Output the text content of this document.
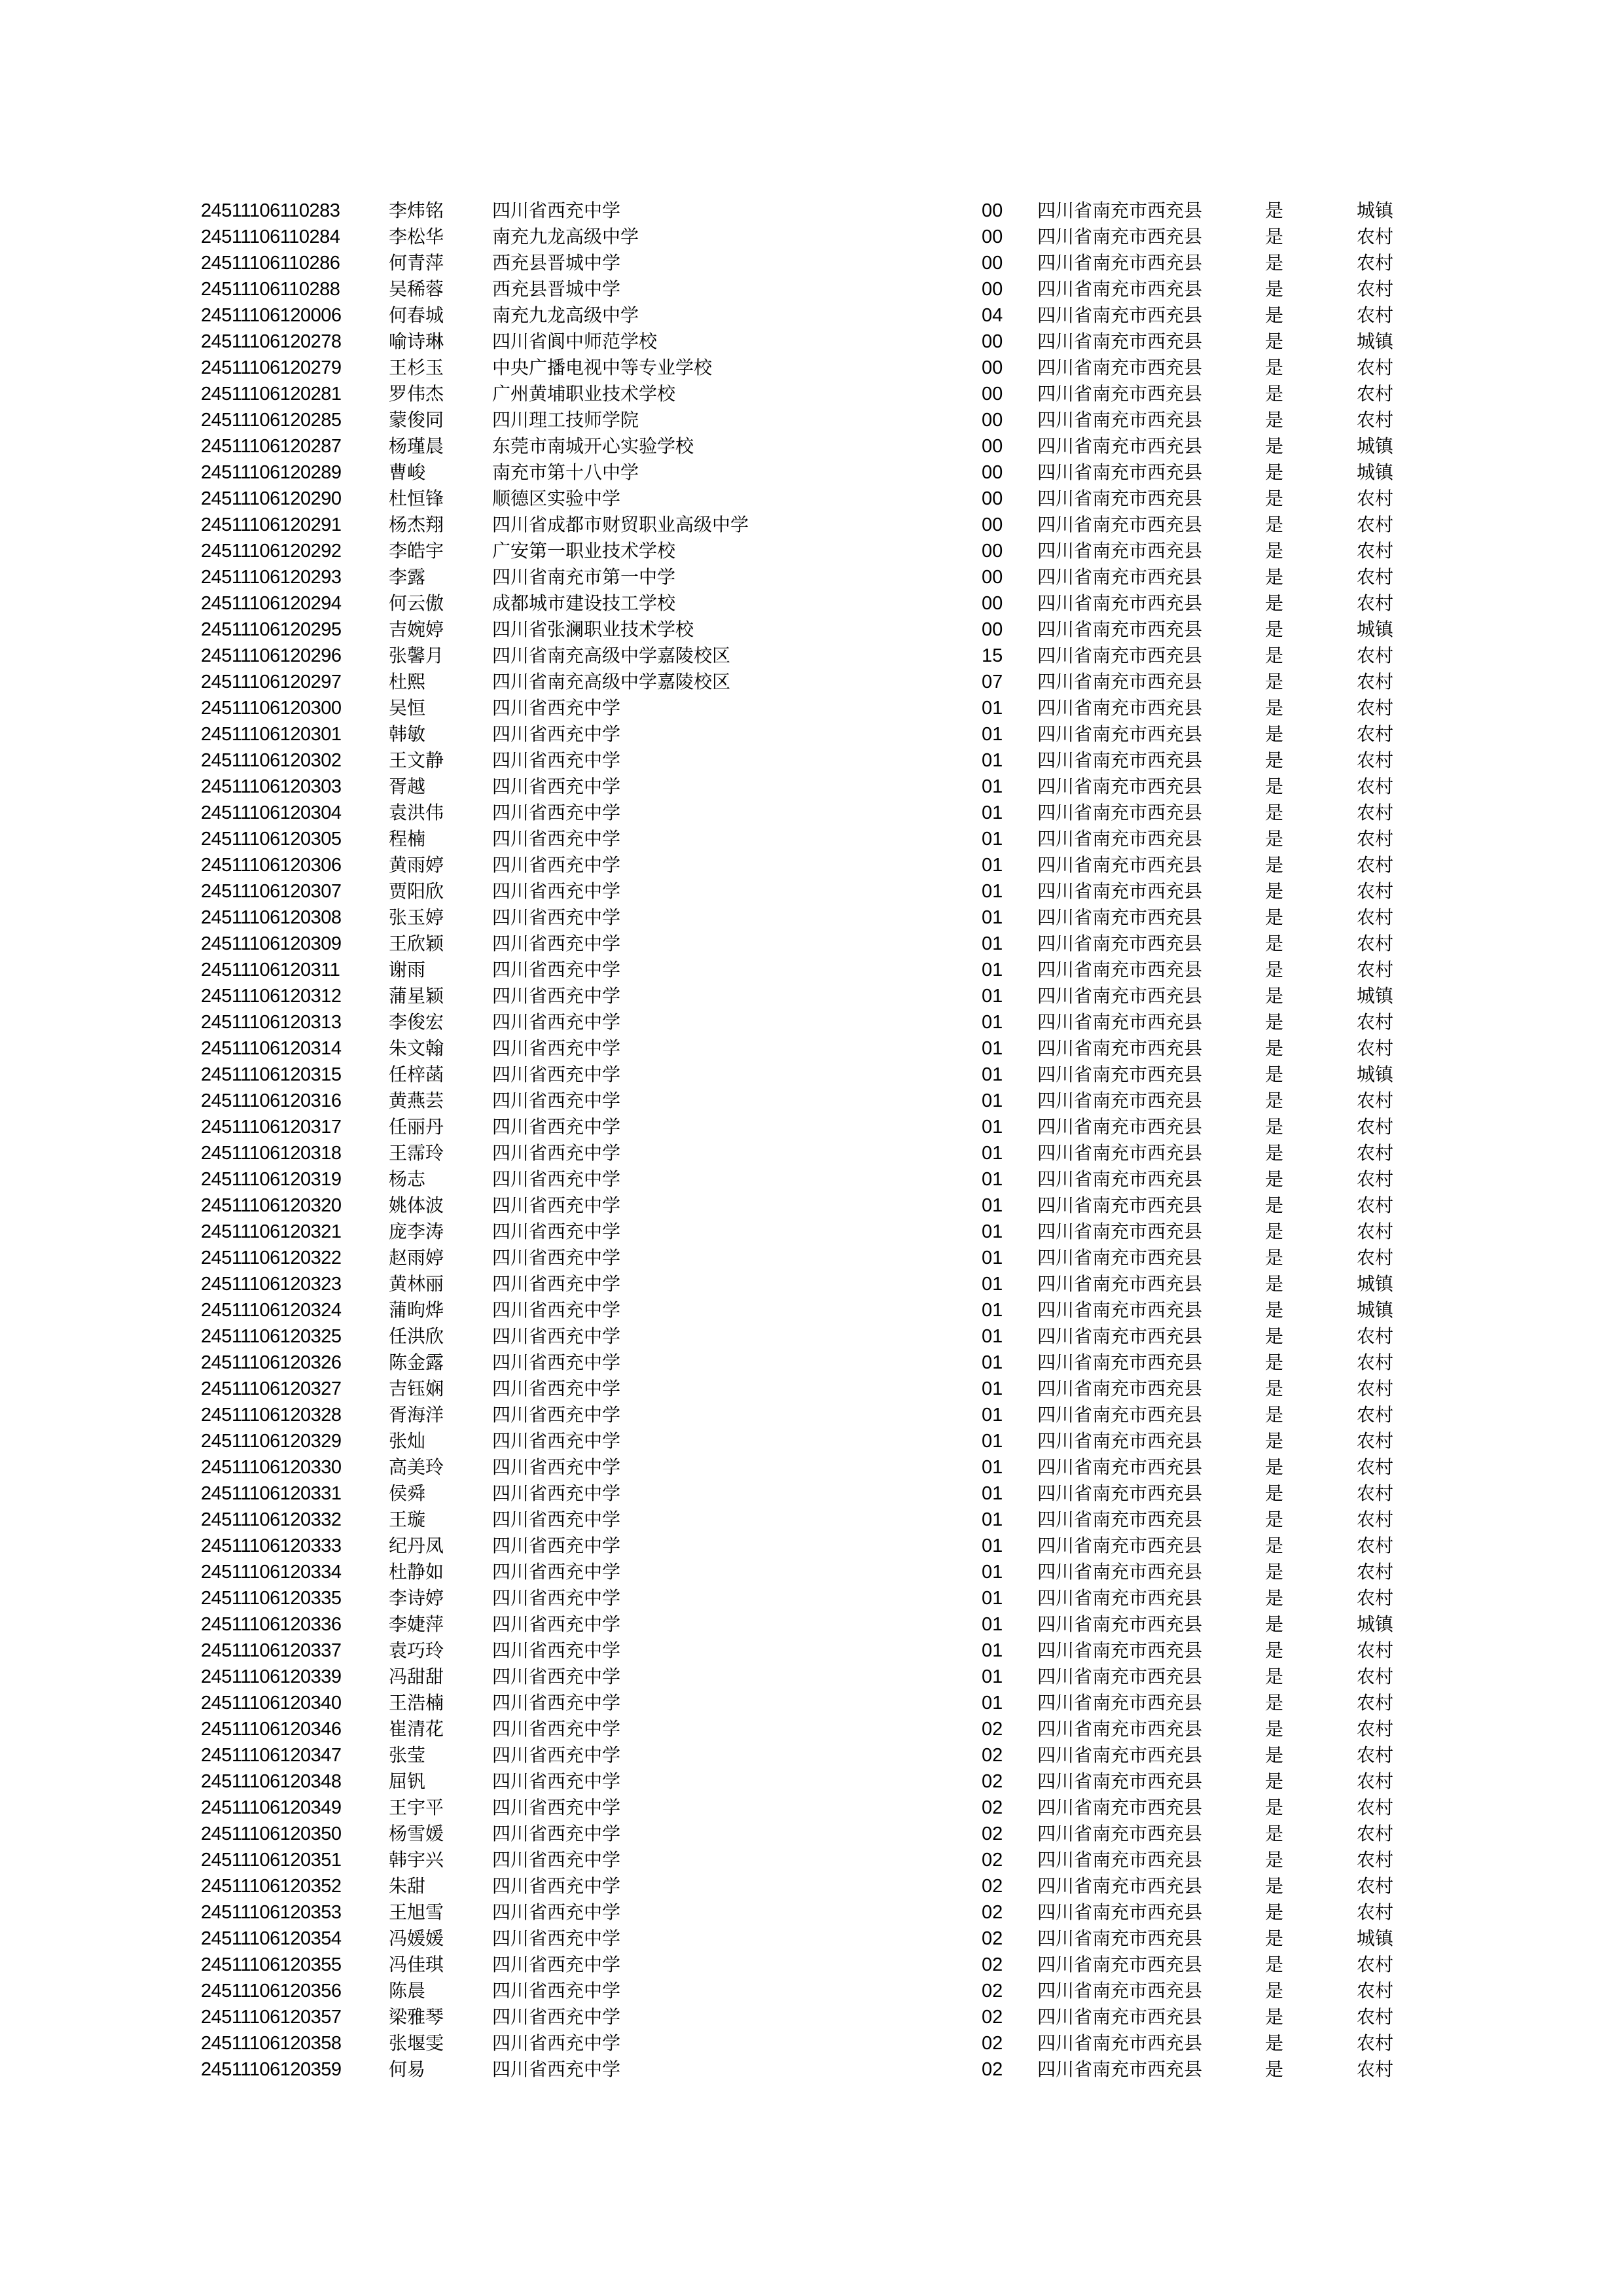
24511106110283	李炜铭	四川省西充中学	00 四川省南充市西充县	是	城镇
24511106110284	李松华	南充九龙高级中学	00 四川省南充市西充县	是	农村
24511106110286	何青萍	西充县晋城中学	00 四川省南充市西充县	是	农村
24511106110288	吴稀蓉	西充县晋城中学	00 四川省南充市西充县	是	农村
24511106120006	何春城	南充九龙高级中学	04 四川省南充市西充县	是	农村
24511106120278	喻诗琳	四川省阆中师范学校	00 四川省南充市西充县	是	城镇
24511106120279	王杉玉	中央广播电视中等专业学校	00 四川省南充市西充县	是	农村
24511106120281	罗伟杰	广州黄埔职业技术学校	00 四川省南充市西充县	是	农村
24511106120285	蒙俊同	四川理工技师学院	00 四川省南充市西充县	是	农村
24511106120287	杨瑾晨	东莞市南城开心实验学校	00 四川省南充市西充县	是	城镇
24511106120289	曹峻	南充市第十八中学	00 四川省南充市西充县	是	城镇
24511106120290	杜恒锋	顺德区实验中学	00 四川省南充市西充县	是	农村
24511106120291	杨杰翔	四川省成都市财贸职业高级中学	00 四川省南充市西充县	是	农村
24511106120292	李皓宇	广安第一职业技术学校	00 四川省南充市西充县	是	农村
24511106120293	李露	四川省南充市第一中学	00 四川省南充市西充县	是	农村
24511106120294	何云傲	成都城市建设技工学校	00 四川省南充市西充县	是	农村
24511106120295	吉婉婷	四川省张澜职业技术学校	00 四川省南充市西充县	是	城镇
24511106120296	张馨月	四川省南充高级中学嘉陵校区	15 四川省南充市西充县	是	农村
24511106120297	杜熙	四川省南充高级中学嘉陵校区	07 四川省南充市西充县	是	农村
24511106120300	吴恒	四川省西充中学	01 四川省南充市西充县	是	农村
24511106120301	韩敏	四川省西充中学	01 四川省南充市西充县	是	农村
24511106120302	王文静	四川省西充中学	01 四川省南充市西充县	是	农村
24511106120303	胥越	四川省西充中学	01 四川省南充市西充县	是	农村
24511106120304	袁洪伟	四川省西充中学	01 四川省南充市西充县	是	农村
24511106120305	程楠	四川省西充中学	01 四川省南充市西充县	是	农村
24511106120306	黄雨婷	四川省西充中学	01 四川省南充市西充县	是	农村
24511106120307	贾阳欣	四川省西充中学	01 四川省南充市西充县	是	农村
24511106120308	张玉婷	四川省西充中学	01 四川省南充市西充县	是	农村
24511106120309	王欣颖	四川省西充中学	01 四川省南充市西充县	是	农村
24511106120311	谢雨	四川省西充中学	01 四川省南充市西充县	是	农村
24511106120312	蒲星颖	四川省西充中学	01 四川省南充市西充县	是	城镇
24511106120313	李俊宏	四川省西充中学	01 四川省南充市西充县	是	农村
24511106120314	朱文翰	四川省西充中学	01 四川省南充市西充县	是	农村
24511106120315	任梓菡	四川省西充中学	01 四川省南充市西充县	是	城镇
24511106120316	黄燕芸	四川省西充中学	01 四川省南充市西充县	是	农村
24511106120317	任丽丹	四川省西充中学	01 四川省南充市西充县	是	农村
24511106120318	王霈玲	四川省西充中学	01 四川省南充市西充县	是	农村
24511106120319	杨志	四川省西充中学	01 四川省南充市西充县	是	农村
24511106120320	姚体波	四川省西充中学	01 四川省南充市西充县	是	农村
24511106120321	庞李涛	四川省西充中学	01 四川省南充市西充县	是	农村
24511106120322	赵雨婷	四川省西充中学	01 四川省南充市西充县	是	农村
24511106120323	黄林丽	四川省西充中学	01 四川省南充市西充县	是	城镇
24511106120324	蒲昫烨	四川省西充中学	01 四川省南充市西充县	是	城镇
24511106120325	任洪欣	四川省西充中学	01 四川省南充市西充县	是	农村
24511106120326	陈金露	四川省西充中学	01 四川省南充市西充县	是	农村
24511106120327	吉钰娴	四川省西充中学	01 四川省南充市西充县	是	农村
24511106120328	胥海洋	四川省西充中学	01 四川省南充市西充县	是	农村
24511106120329	张灿	四川省西充中学	01 四川省南充市西充县	是	农村
24511106120330	高美玲	四川省西充中学	01 四川省南充市西充县	是	农村
24511106120331	侯舜	四川省西充中学	01 四川省南充市西充县	是	农村
24511106120332	王璇	四川省西充中学	01 四川省南充市西充县	是	农村
24511106120333	纪丹凤	四川省西充中学	01 四川省南充市西充县	是	农村
24511106120334	杜静如	四川省西充中学	01 四川省南充市西充县	是	农村
24511106120335	李诗婷	四川省西充中学	01 四川省南充市西充县	是	农村
24511106120336	李婕萍	四川省西充中学	01 四川省南充市西充县	是	城镇
24511106120337	袁巧玲	四川省西充中学	01 四川省南充市西充县	是	农村
24511106120339	冯甜甜	四川省西充中学	01 四川省南充市西充县	是	农村
24511106120340	王浩楠	四川省西充中学	01 四川省南充市西充县	是	农村
24511106120346	崔清花	四川省西充中学	02 四川省南充市西充县	是	农村
24511106120347	张莹	四川省西充中学	02 四川省南充市西充县	是	农村
24511106120348	屈钒	四川省西充中学	02 四川省南充市西充县	是	农村
24511106120349	王宇平	四川省西充中学	02 四川省南充市西充县	是	农村
24511106120350	杨雪媛	四川省西充中学	02 四川省南充市西充县	是	农村
24511106120351	韩宇兴	四川省西充中学	02 四川省南充市西充县	是	农村
24511106120352	朱甜	四川省西充中学	02 四川省南充市西充县	是	农村
24511106120353	王旭雪	四川省西充中学	02 四川省南充市西充县	是	农村
24511106120354	冯媛媛	四川省西充中学	02 四川省南充市西充县	是	城镇
24511106120355	冯佳琪	四川省西充中学	02 四川省南充市西充县	是	农村
24511106120356	陈晨	四川省西充中学	02 四川省南充市西充县	是	农村
24511106120357	梁雅琴	四川省西充中学	02 四川省南充市西充县	是	农村
24511106120358	张堰雯	四川省西充中学	02 四川省南充市西充县	是	农村
24511106120359	何易	四川省西充中学	02 四川省南充市西充县	是	农村
